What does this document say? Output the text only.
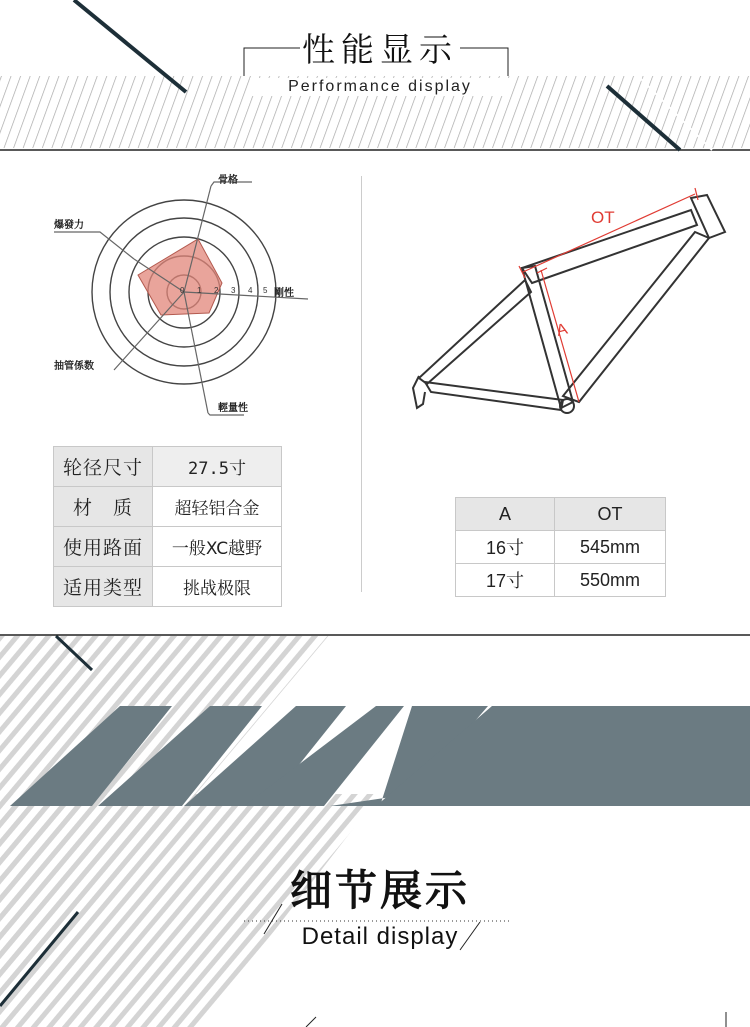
性能显示
Performance display
骨格
剛性
輕量性
抽管係数
爆發力
0 1 2 3 4 5
轮径尺寸	27.5寸
材　质	超轻铝合金
使用路面	一般XC越野
适用类型	挑战极限
OT
A
A	OT
16寸	545mm
17寸	550mm
细节展示
Detail display
